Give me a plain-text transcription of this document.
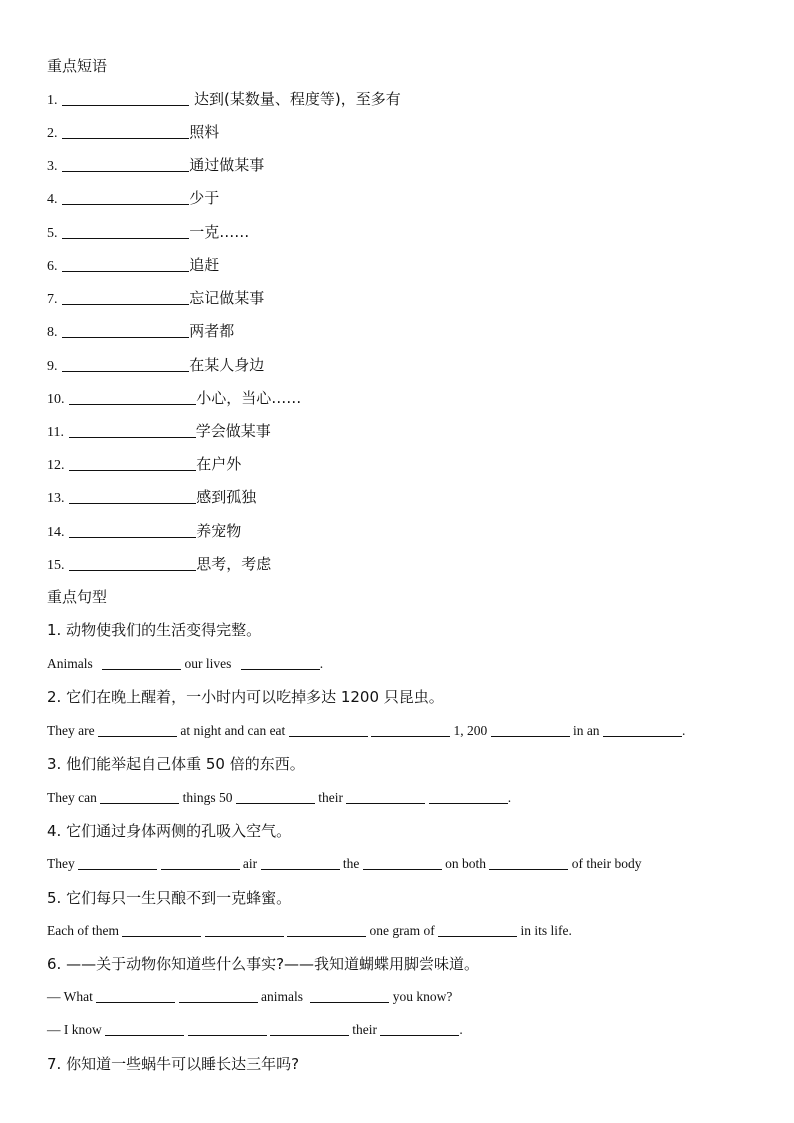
重点短语
1.	达到(某数量、程度等)，至多有
2.	照料
3.	通过做某事
4.	少于
5.	一克……
6.	追赶
7.	忘记做某事
8.	两者都
9.	在某人身边
10.	小心，当心……
11.	学会做某事
12.	在户外
13.	感到孤独
14.	养宠物
15.	思考，考虑
重点句型
1. 动物使我们的生活变得完整。
Animals	our lives	.
2. 它们在晚上醒着，一小时内可以吃掉多达 1200 只昆虫。
They are	at night and can eat	1, 200	in an	.
3. 他们能举起自己体重 50 倍的东西。
They can	things 50	their	.
4. 它们通过身体两侧的孔吸入空气。
They	air	the	on both	of their body
5. 它们每只一生只酿不到一克蜂蜜。
Each of them	one gram of	in its life.
6. ——关于动物你知道些什么事实?——我知道蝴蝶用脚尝味道。
— What	animals	you know?
— I know	their	.
7. 你知道一些蜗牛可以睡长达三年吗?
